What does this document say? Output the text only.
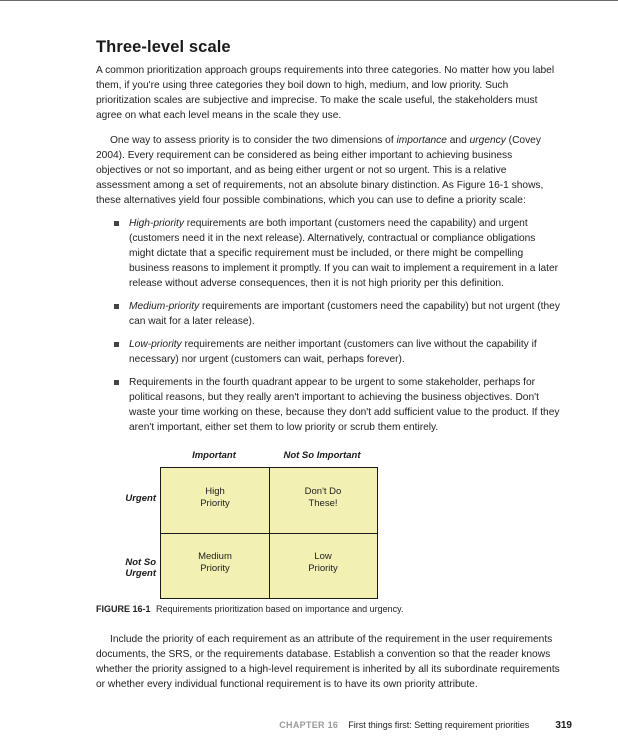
Three-level scale

A common prioritization approach groups requirements into three categories. No matter how you label them, if you're using three categories they boil down to high, medium, and low priority. Such prioritization scales are subjective and imprecise. To make the scale useful, the stakeholders must agree on what each level means in the scale they use.

One way to assess priority is to consider the two dimensions of importance and urgency (Covey 2004). Every requirement can be considered as being either important to achieving business objectives or not so important, and as being either urgent or not so urgent. This is a relative assessment among a set of requirements, not an absolute binary distinction. As Figure 16-1 shows, these alternatives yield four possible combinations, which you can use to define a priority scale:

High-priority requirements are both important (customers need the capability) and urgent (customers need it in the next release). Alternatively, contractual or compliance obligations might dictate that a specific requirement must be included, or there might be compelling business reasons to implement it promptly. If you can wait to implement a requirement in a later release without adverse consequences, then it is not high priority per this definition.
Medium-priority requirements are important (customers need the capability) but not urgent (they can wait for a later release).
Low-priority requirements are neither important (customers can live without the capability if necessary) nor urgent (customers can wait, perhaps forever).
Requirements in the fourth quadrant appear to be urgent to some stakeholder, perhaps for political reasons, but they really aren't important to achieving the business objectives. Don't waste your time working on these, because they don't add sufficient value to the product. If they aren't important, either set them to low priority or scrub them entirely.
Important	Not So Important
Urgent
Not So Urgent
High
Priority
Don't Do
These!
Medium
Priority
Low
Priority
FIGURE 16-1 Requirements prioritization based on importance and urgency.

Include the priority of each requirement as an attribute of the requirement in the user requirements documents, the SRS, or the requirements database. Establish a convention so that the reader knows whether the priority assigned to a high-level requirement is inherited by all its subordinate requirements or whether every individual functional requirement is to have its own priority attribute.

CHAPTER 16 First things first: Setting requirement priorities	319
